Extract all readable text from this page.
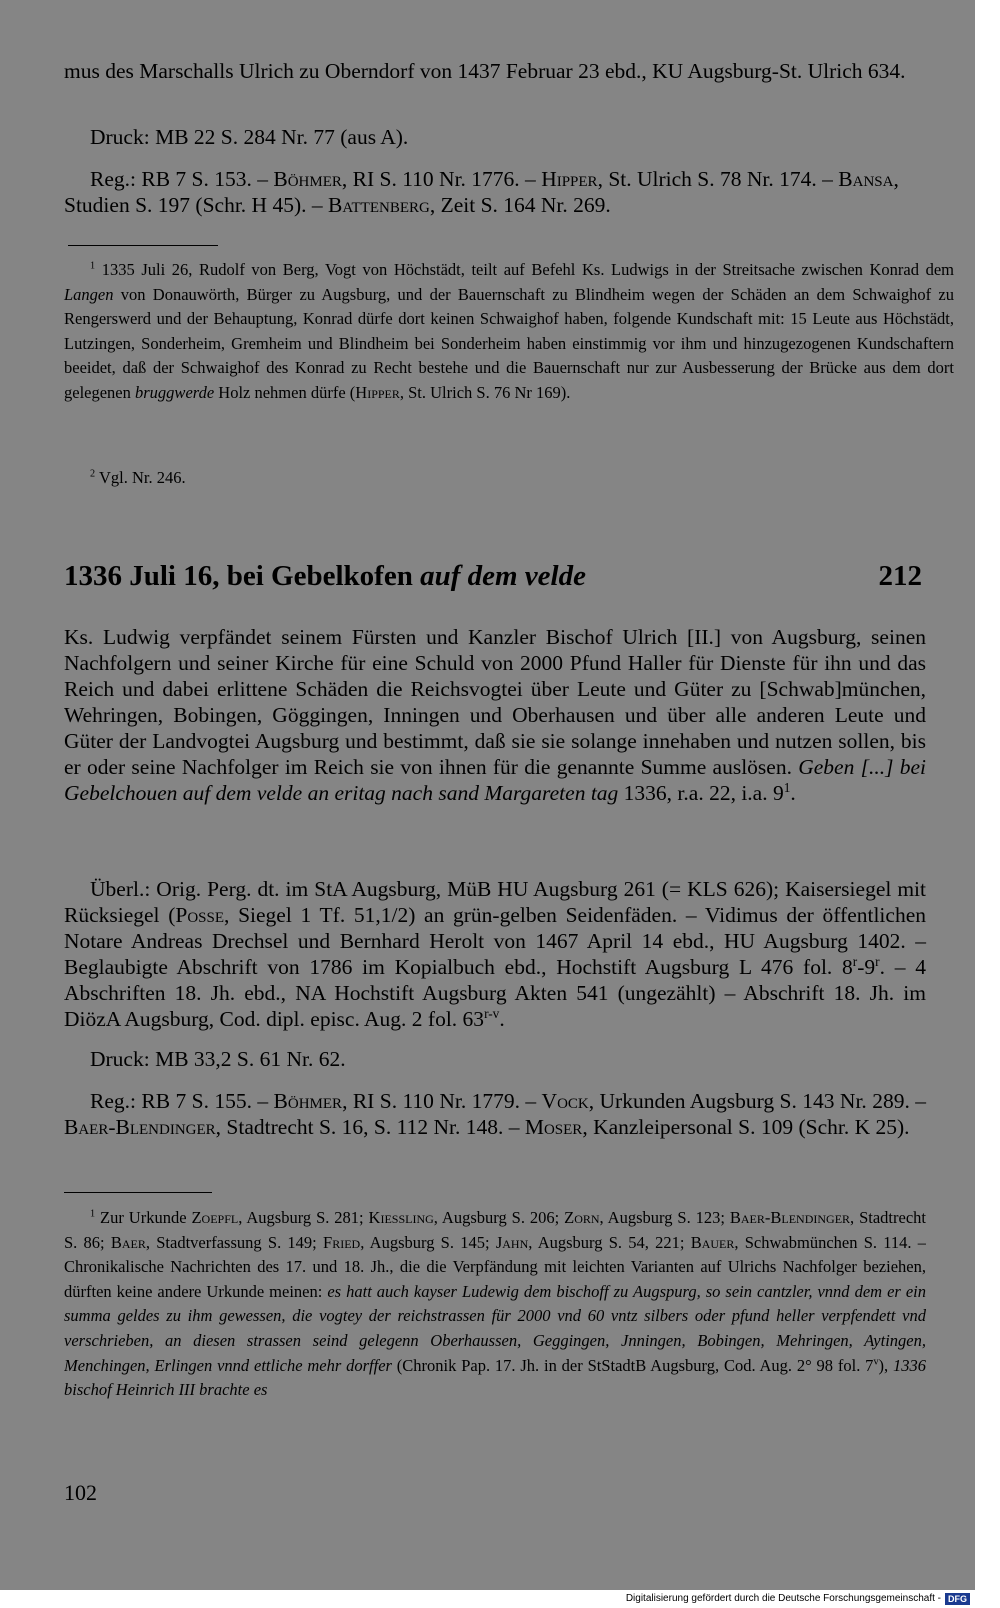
mus des Marschalls Ulrich zu Oberndorf von 1437 Februar 23 ebd., KU Augsburg-St. Ulrich 634.

Druck: MB 22 S. 284 Nr. 77 (aus A).

Reg.: RB 7 S. 153. – Böhmer, RI S. 110 Nr. 1776. – Hipper, St. Ulrich S. 78 Nr. 174. – Bansa, Studien S. 197 (Schr. H 45). – Battenberg, Zeit S. 164 Nr. 269.

$^1$ 1335 Juli 26, Rudolf von Berg, Vogt von Höchstädt, teilt auf Befehl Ks. Ludwigs in der Streitsache zwischen Konrad dem Langen von Donauwörth, Bürger zu Augsburg, und der Bauernschaft zu Blindheim wegen der Schäden an dem Schwaighof zu Rengerswerd und der Behauptung, Konrad dürfe dort keinen Schwaighof haben, folgende Kundschaft mit: 15 Leute aus Höchstädt, Lutzingen, Sonderheim, Gremheim und Blindheim bei Sonderheim haben einstimmig vor ihm und hinzugezogenen Kundschaftern beeidet, daß der Schwaighof des Konrad zu Recht bestehe und die Bauernschaft nur zur Ausbesserung der Brücke aus dem dort gelegenen bruggwerde Holz nehmen dürfe (Hipper, St. Ulrich S. 76 Nr 169).

$^2$ Vgl. Nr. 246.

1336 Juli 16, bei Gebelkofen auf dem velde	212

Ks. Ludwig verpfändet seinem Fürsten und Kanzler Bischof Ulrich [II.] von Augsburg, seinen Nachfolgern und seiner Kirche für eine Schuld von 2000 Pfund Haller für Dienste für ihn und das Reich und dabei erlittene Schäden die Reichsvogtei über Leute und Güter zu [Schwab]münchen, Wehringen, Bobingen, Göggingen, Inningen und Oberhausen und über alle anderen Leute und Güter der Landvogtei Augsburg und bestimmt, daß sie sie solange innehaben und nutzen sollen, bis er oder seine Nachfolger im Reich sie von ihnen für die genannte Summe auslösen. Geben [...] bei Gebelchouen auf dem velde an eritag nach sand Margareten tag 1336, r.a. 22, i.a. $9^1$.

Überl.: Orig. Perg. dt. im StA Augsburg, MüB HU Augsburg 261 (= KLS 626); Kaisersiegel mit Rücksiegel (Posse, Siegel 1 Tf. 51,1/2) an grün-gelben Seidenfäden. – Vidimus der öffentlichen Notare Andreas Drechsel und Bernhard Herolt von 1467 April 14 ebd., HU Augsburg 1402. – Beglaubigte Abschrift von 1786 im Kopialbuch ebd., Hochstift Augsburg L 476 fol. 8$^r$-9$^r$. – 4 Abschriften 18. Jh. ebd., NA Hochstift Augsburg Akten 541 (ungezählt) – Abschrift 18. Jh. im DiözA Augsburg, Cod. dipl. episc. Aug. 2 fol. 63$^{r-v}$.

Druck: MB 33,2 S. 61 Nr. 62.

Reg.: RB 7 S. 155. – Böhmer, RI S. 110 Nr. 1779. – Vock, Urkunden Augsburg S. 143 Nr. 289. – Baer-Blendinger, Stadtrecht S. 16, S. 112 Nr. 148. – Moser, Kanzleipersonal S. 109 (Schr. K 25).

$^1$ Zur Urkunde Zoepfl, Augsburg S. 281; Kiessling, Augsburg S. 206; Zorn, Augsburg S. 123; Baer-Blendinger, Stadtrecht S. 86; Baer, Stadtverfassung S. 149; Fried, Augsburg S. 145; Jahn, Augsburg S. 54, 221; Bauer, Schwabmünchen S. 114. – Chronikalische Nachrichten des 17. und 18. Jh., die die Verpfändung mit leichten Varianten auf Ulrichs Nachfolger beziehen, dürften keine andere Urkunde meinen: es hatt auch kayser Ludewig dem bischoff zu Augspurg, so sein cantzler, vnnd dem er ein summa geldes zu ihm gewessen, die vogtey der reichstrassen für 2000 vnd 60 vntz silbers oder pfund heller verpfendett vnd verschrieben, an diesen strassen seind gelegenn Oberhaussen, Geggingen, Jnningen, Bobingen, Mehringen, Aytingen, Menchingen, Erlingen vnnd ettliche mehr dorffer (Chronik Pap. 17. Jh. in der StStadtB Augsburg, Cod. Aug. 2° 98 fol. 7$^v$), 1336 bischof Heinrich III brachte es

102
Digitalisierung gefördert durch die Deutsche Forschungsgemeinschaft - DFG
